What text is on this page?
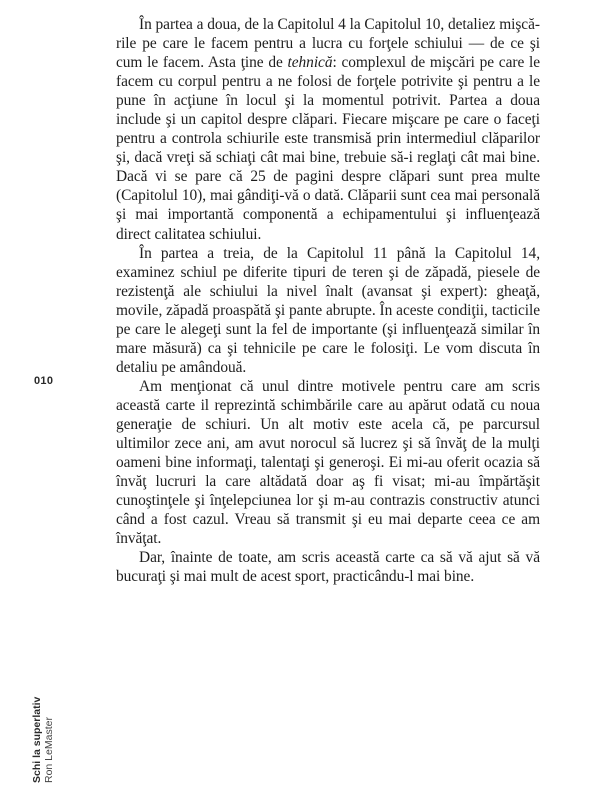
În partea a doua, de la Capitolul 4 la Capitolul 10, detaliez mişcările pe care le facem pentru a lucra cu forţele schiului — de ce şi cum le facem. Asta ţine de tehnică: complexul de mişcări pe care le facem cu corpul pentru a ne folosi de forţele potrivite şi pentru a le pune în acţiune în locul şi la momentul potrivit. Partea a doua include şi un capitol despre clăpari. Fiecare mişcare pe care o faceţi pentru a controla schiurile este transmisă prin intermediul clăparilor şi, dacă vreţi să schiaţi cât mai bine, trebuie să-i reglaţi cât mai bine. Dacă vi se pare că 25 de pagini despre clăpari sunt prea multe (Capitolul 10), mai gândiţi-vă o dată. Clăparii sunt cea mai personală şi mai importantă componentă a echipamentului şi influenţează direct calitatea schiului.

În partea a treia, de la Capitolul 11 până la Capitolul 14, examinez schiul pe diferite tipuri de teren şi de zăpadă, piesele de rezistenţă ale schiului la nivel înalt (avansat şi expert): gheaţă, movile, zăpadă proaspătă şi pante abrupte. În aceste condiţii, tacticile pe care le alegeţi sunt la fel de importante (şi influenţează similar în mare măsură) ca şi tehnicile pe care le folosiţi. Le vom discuta în detaliu pe amândouă.

Am menţionat că unul dintre motivele pentru care am scris această carte il reprezintă schimbările care au apărut odată cu noua generaţie de schiuri. Un alt motiv este acela că, pe parcursul ultimilor zece ani, am avut norocul să lucrez şi să învăţ de la mulţi oameni bine informaţi, talentaţi şi generoşi. Ei mi-au oferit ocazia să învăţ lucruri la care altădată doar aş fi visat; mi-au împărtăşit cunoştinţele şi înţelepciunea lor şi m-au contrazis constructiv atunci când a fost cazul. Vreau să transmit şi eu mai departe ceea ce am învăţat.

Dar, înainte de toate, am scris această carte ca să vă ajut să vă bucuraţi şi mai mult de acest sport, practicându-l mai bine.

010
Schi la superlativ Ron LeMaster
